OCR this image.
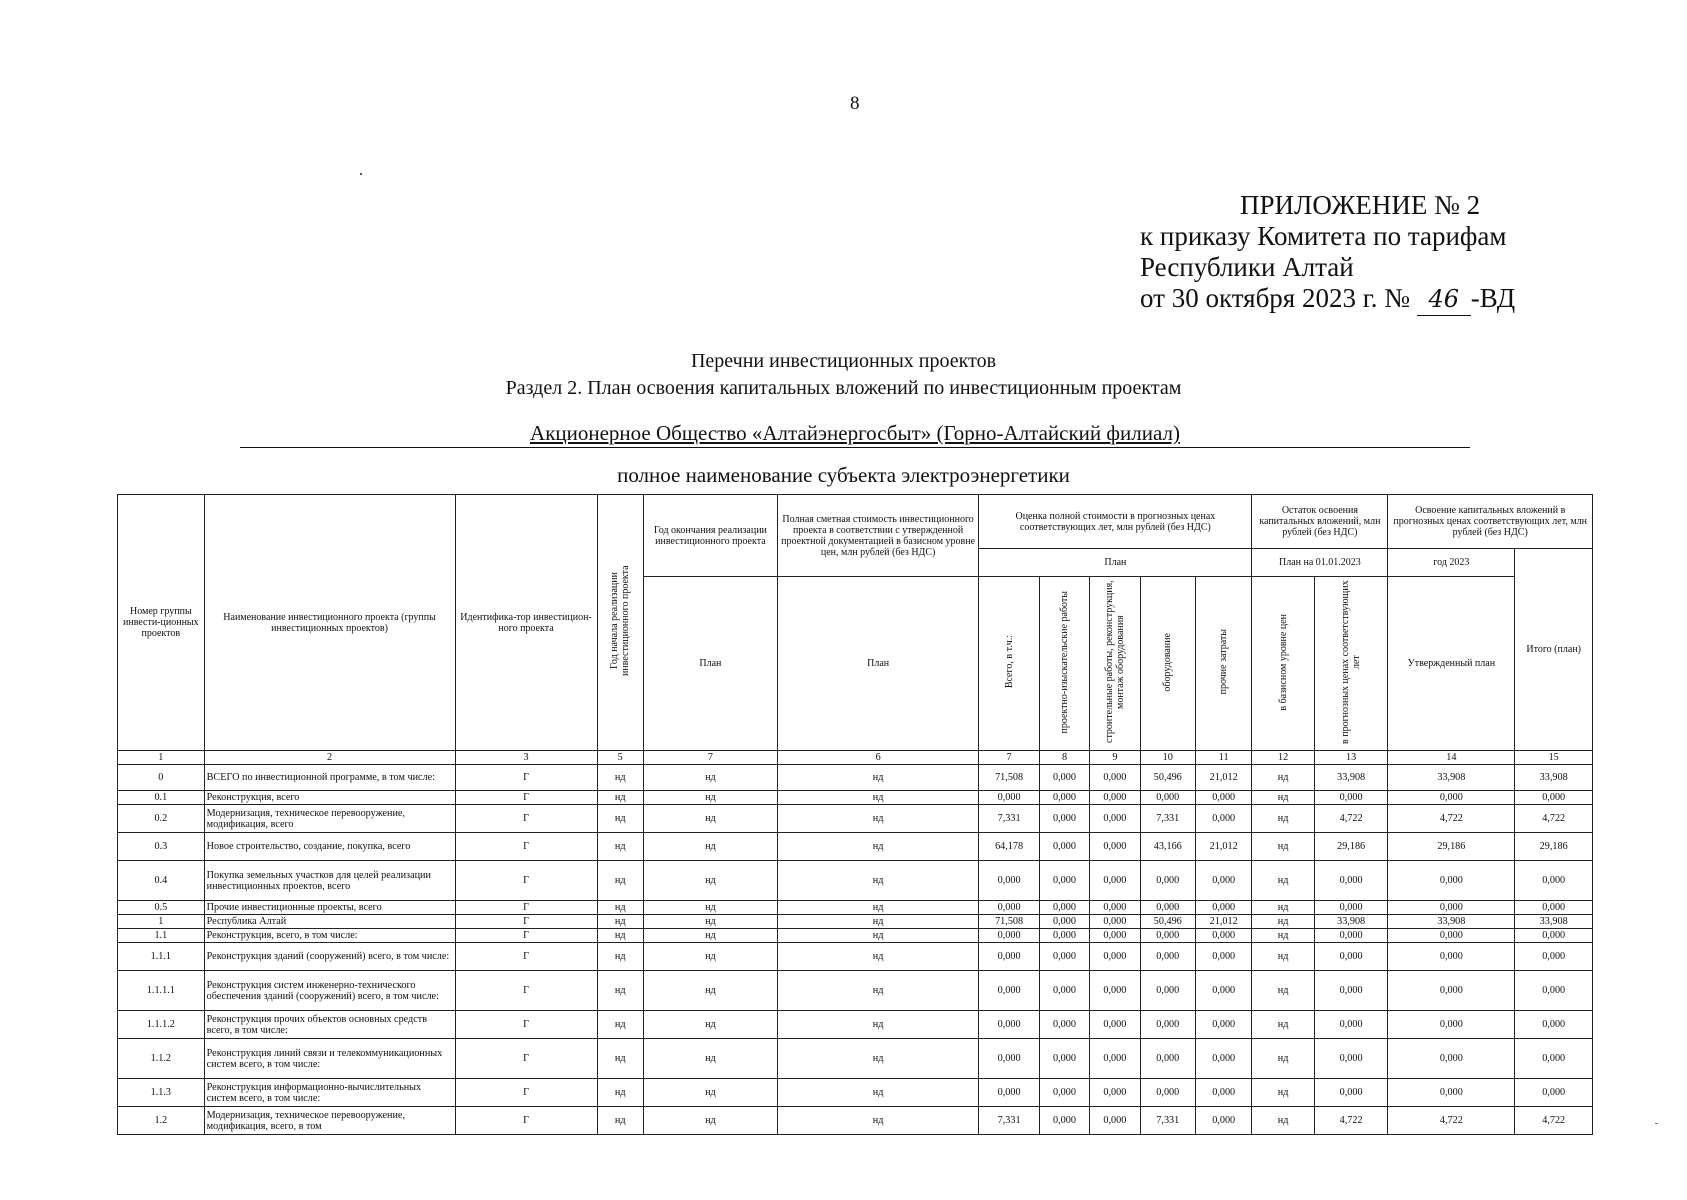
8
ПРИЛОЖЕНИЕ № 2
к приказу Комитета по тарифам
Республики Алтай
от 30 октября 2023 г. № 46 -ВД
Перечни инвестиционных проектов
Раздел 2. План освоения капитальных вложений по инвестиционным проектам
Акционерное Общество «Алтайэнергосбыт» (Горно-Алтайский филиал)
полное наименование субъекта электроэнергетики
Номер группы инвести-ционных проектов	Наименование инвестиционного проекта (группы инвестиционных проектов)	Идентифика-тор инвестицион-ного проекта	Год начала реализации инвестиционного проекта	Год окончания реализации инвестиционного проекта	Полная сметная стоимость инвестиционного проекта в соответствии с утвержденной проектной документацией в базисном уровне цен, млн рублей (без НДС)	Оценка полной стоимости в прогнозных ценах соответствующих лет, млн рублей (без НДС)					Остаток освоения капитальных вложений, млн рублей (без НДС)		Освоение капитальных вложений в прогнозных ценах соответствующих лет, млн рублей (без НДС)	
						План					План на 01.01.2023		год 2023	Итого (план)
				План	План	Всего, в т.ч.:	проектно-изыскательские работы	строительные работы, реконструкция, монтаж оборудования	оборудование	прочие затраты	в базисном уровне цен	в прогнозных ценах соответствующих лет	Утвержденный план	
1	2	3	5	7	6	7	8	9	10	11	12	13	14	15
0	ВСЕГО по инвестиционной программе, в том числе:	Г	нд	нд	нд	71,508	0,000	0,000	50,496	21,012	нд	33,908	33,908	33,908
0.1	Реконструкция, всего	Г	нд	нд	нд	0,000	0,000	0,000	0,000	0,000	нд	0,000	0,000	0,000
0.2	Модернизация, техническое перевооружение, модификация, всего	Г	нд	нд	нд	7,331	0,000	0,000	7,331	0,000	нд	4,722	4,722	4,722
0.3	Новое строительство, создание, покупка, всего	Г	нд	нд	нд	64,178	0,000	0,000	43,166	21,012	нд	29,186	29,186	29,186
0.4	Покупка земельных участков для целей реализации инвестиционных проектов, всего	Г	нд	нд	нд	0,000	0,000	0,000	0,000	0,000	нд	0,000	0,000	0,000
0.5	Прочие инвестиционные проекты, всего	Г	нд	нд	нд	0,000	0,000	0,000	0,000	0,000	нд	0,000	0,000	0,000
1	Республика Алтай	Г	нд	нд	нд	71,508	0,000	0,000	50,496	21,012	нд	33,908	33,908	33,908
1.1	Реконструкция, всего, в том числе:	Г	нд	нд	нд	0,000	0,000	0,000	0,000	0,000	нд	0,000	0,000	0,000
1.1.1	Реконструкция зданий (сооружений) всего, в том числе:	Г	нд	нд	нд	0,000	0,000	0,000	0,000	0,000	нд	0,000	0,000	0,000
1.1.1.1	Реконструкция систем инженерно-технического обеспечения зданий (сооружений) всего, в том числе:	Г	нд	нд	нд	0,000	0,000	0,000	0,000	0,000	нд	0,000	0,000	0,000
1.1.1.2	Реконструкция прочих объектов основных средств всего, в том числе:	Г	нд	нд	нд	0,000	0,000	0,000	0,000	0,000	нд	0,000	0,000	0,000
1.1.2	Реконструкция линий связи и телекоммуникационных систем всего, в том числе:	Г	нд	нд	нд	0,000	0,000	0,000	0,000	0,000	нд	0,000	0,000	0,000
1.1.3	Реконструкция информационно-вычислительных систем всего, в том числе:	Г	нд	нд	нд	0,000	0,000	0,000	0,000	0,000	нд	0,000	0,000	0,000
1.2	Модернизация, техническое перевооружение, модификация, всего, в том	Г	нд	нд	нд	7,331	0,000	0,000	7,331	0,000	нд	4,722	4,722	4,722
